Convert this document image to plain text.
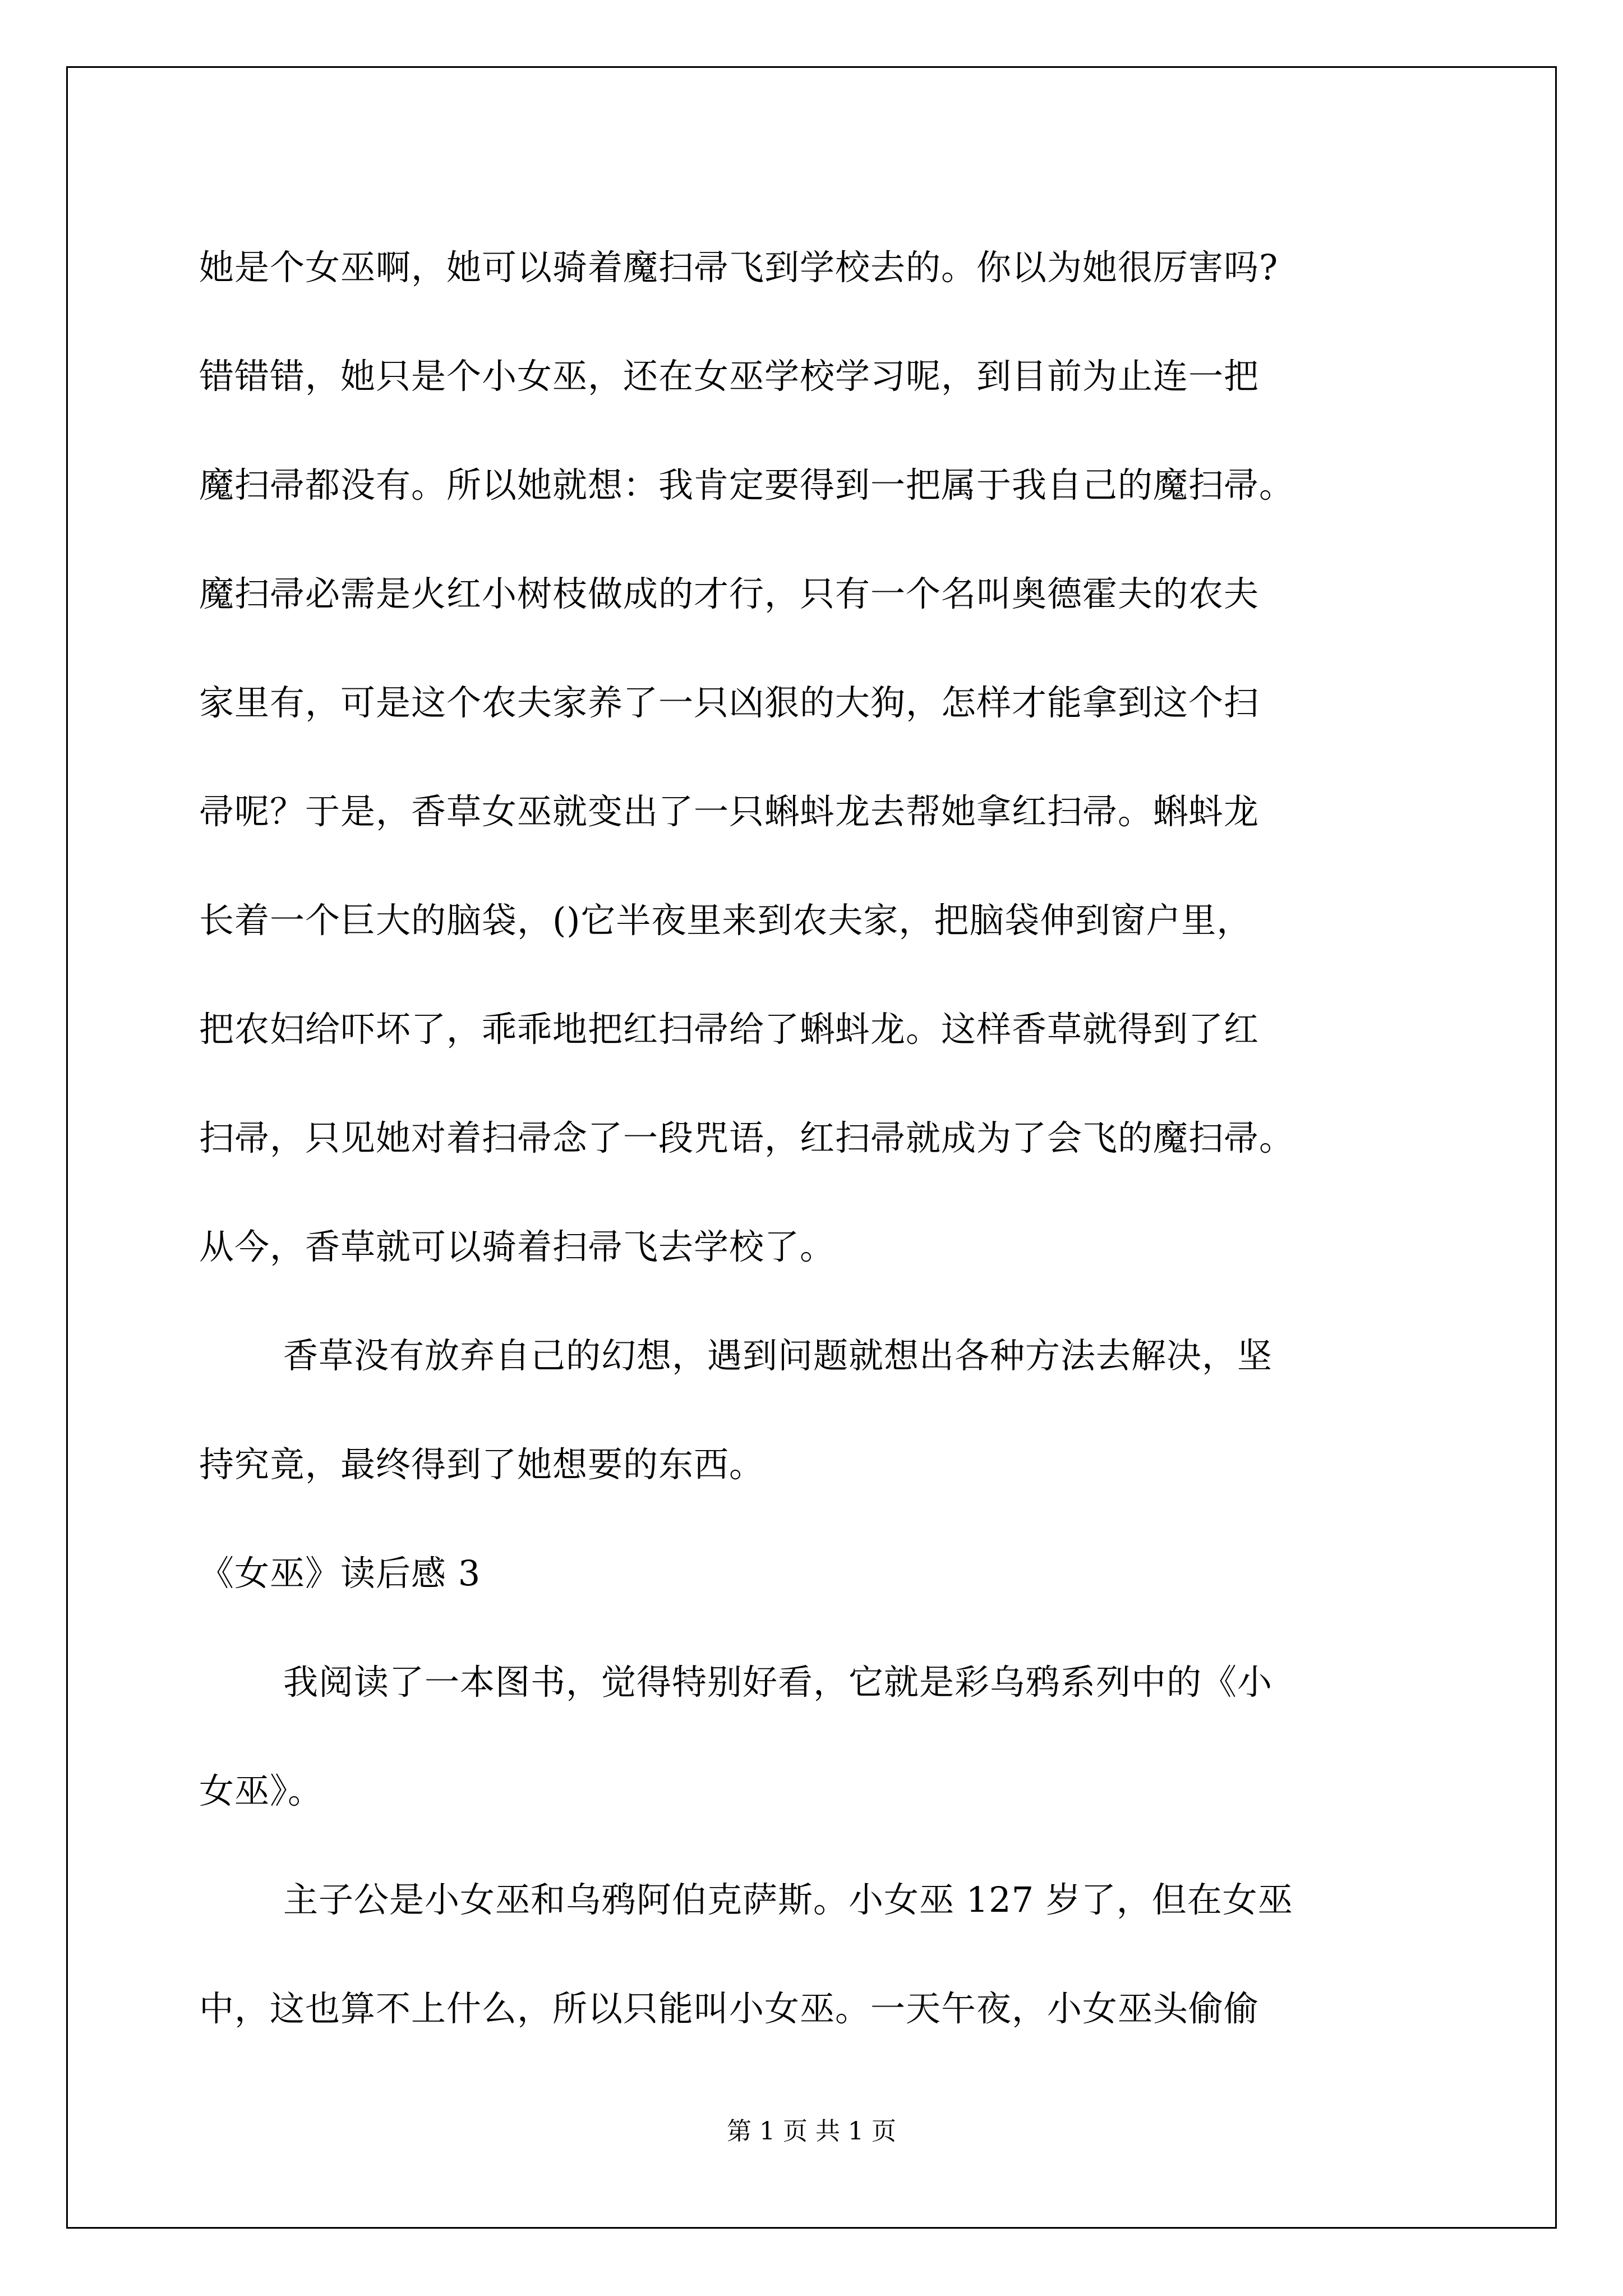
她是个女巫啊，她可以骑着魔扫帚飞到学校去的。你以为她很厉害吗?
错错错，她只是个小女巫，还在女巫学校学习呢，到目前为止连一把
魔扫帚都没有。所以她就想：我肯定要得到一把属于我自己的魔扫帚。
魔扫帚必需是火红小树枝做成的才行，只有一个名叫奥德霍夫的农夫
家里有，可是这个农夫家养了一只凶狠的大狗，怎样才能拿到这个扫
帚呢？于是，香草女巫就变出了一只蝌蚪龙去帮她拿红扫帚。蝌蚪龙
长着一个巨大的脑袋，()它半夜里来到农夫家，把脑袋伸到窗户里，
把农妇给吓坏了，乖乖地把红扫帚给了蝌蚪龙。这样香草就得到了红
扫帚，只见她对着扫帚念了一段咒语，红扫帚就成为了会飞的魔扫帚。
从今，香草就可以骑着扫帚飞去学校了。
香草没有放弃自己的幻想，遇到问题就想出各种方法去解决，坚
持究竟，最终得到了她想要的东西。
《女巫》读后感 3
我阅读了一本图书，觉得特别好看，它就是彩乌鸦系列中的《小
女巫》。
主子公是小女巫和乌鸦阿伯克萨斯。小女巫 127 岁了，但在女巫
中，这也算不上什么，所以只能叫小女巫。一天午夜，小女巫头偷偷
第 1 页 共 1 页
